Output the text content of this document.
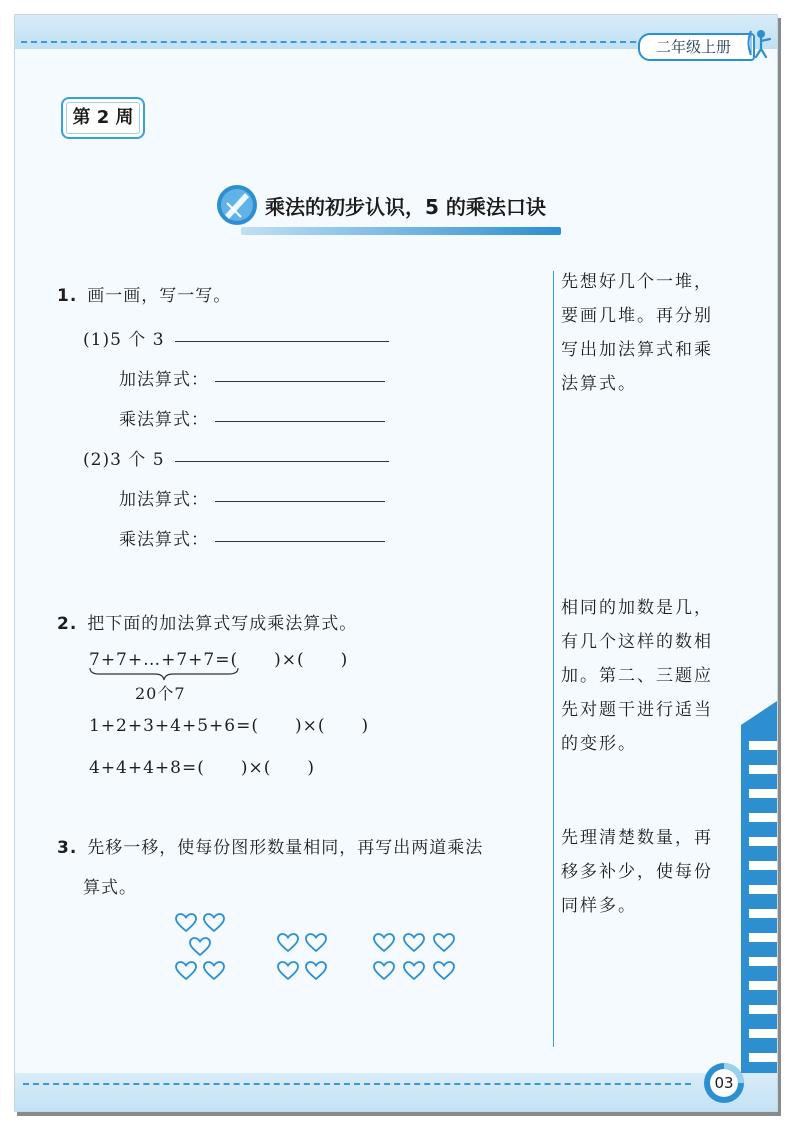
二年级上册
第 2 周
乘法的初步认识，5 的乘法口诀
1. 画一画，写一写。
(1)5 个 3
加法算式：
乘法算式：
(2)3 个 5
加法算式：
乘法算式：
2. 把下面的加法算式写成乘法算式。
7+7+…+7+7=(　　)×(　　)
20个7
1+2+3+4+5+6=(　　)×(　　)
4+4+4+8=(　　)×(　　)
3. 先移一移，使每份图形数量相同，再写出两道乘法
算式。
先想好几个一堆，
要画几堆。再分别
写出加法算式和乘
法算式。
相同的加数是几，
有几个这样的数相
加。第二、三题应
先对题干进行适当
的变形。
先理清楚数量，再
移多补少，使每份
同样多。
03
